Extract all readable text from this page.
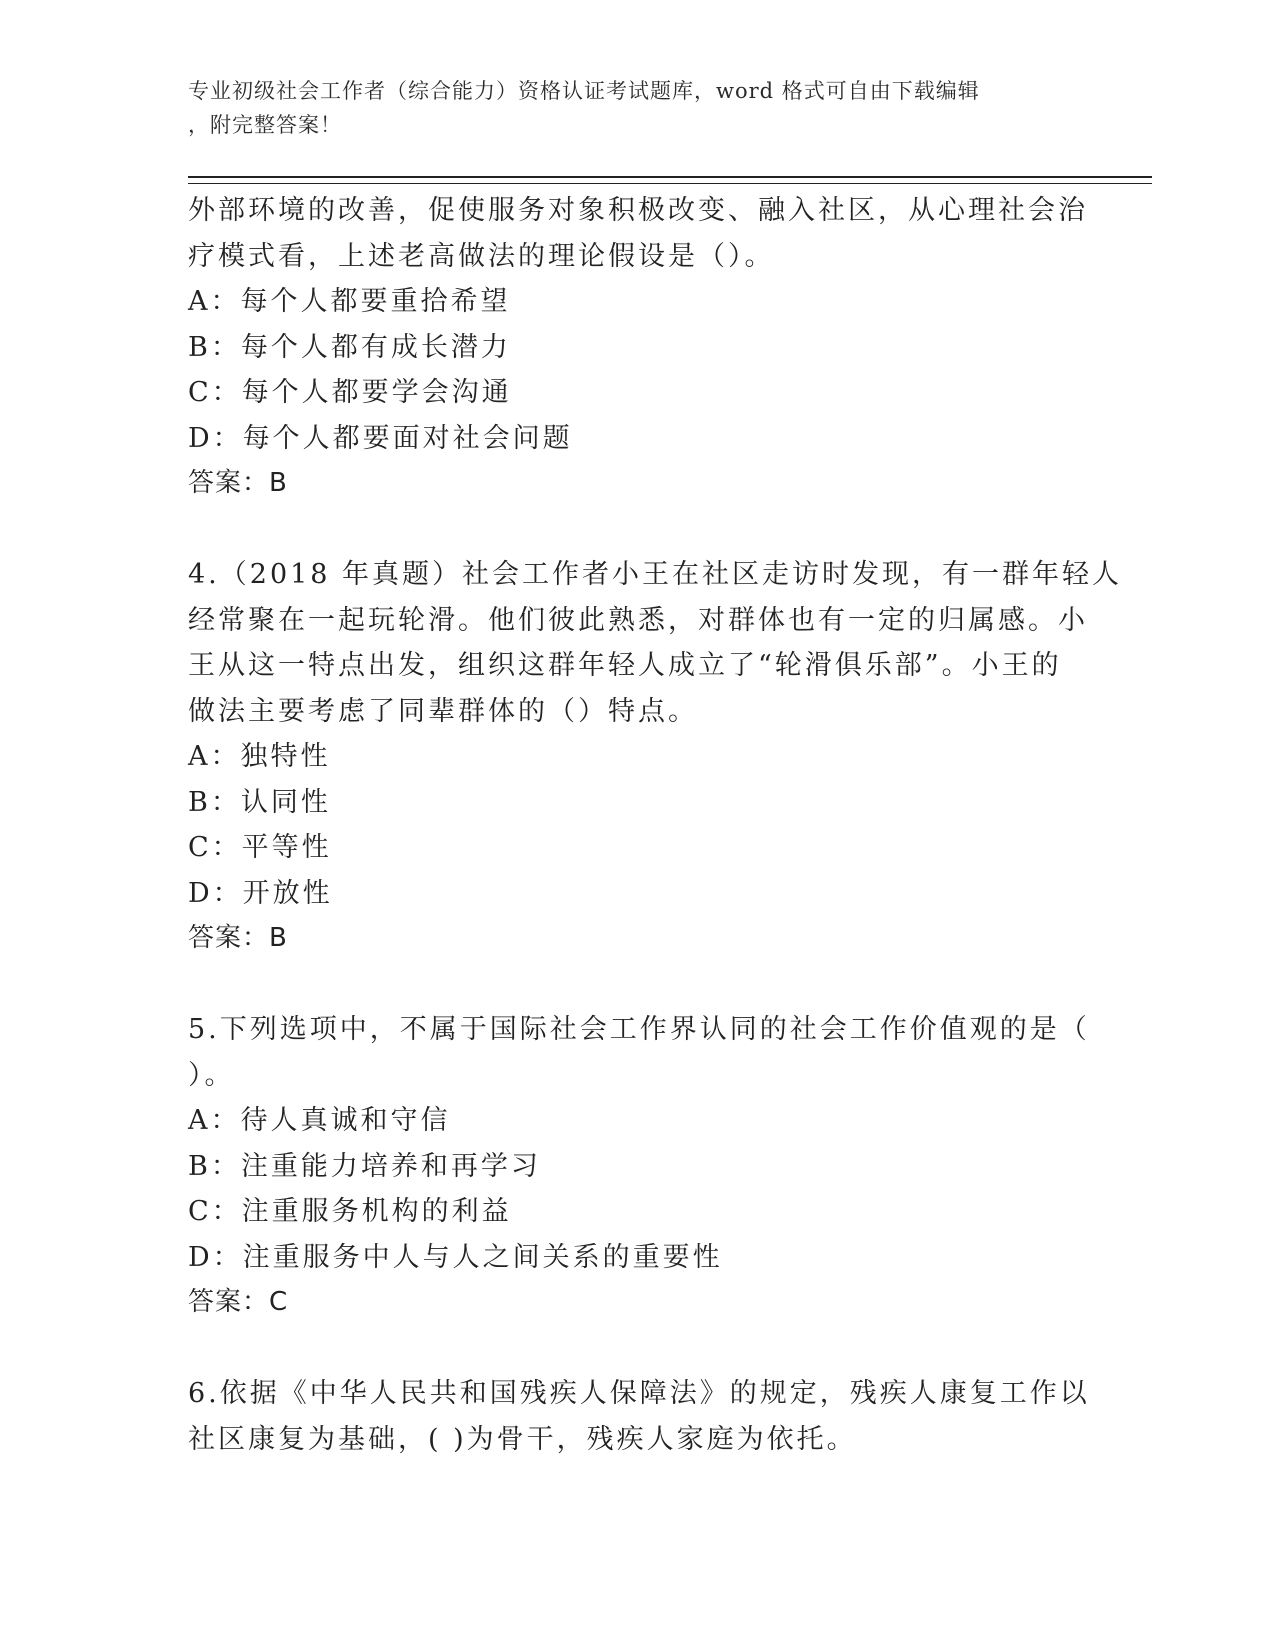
专业初级社会工作者（综合能力）资格认证考试题库，word 格式可自由下载编辑
，附完整答案！
外部环境的改善，促使服务对象积极改变、融入社区，从心理社会治
疗模式看，上述老高做法的理论假设是（）。
A：每个人都要重拾希望
B：每个人都有成长潜力
C：每个人都要学会沟通
D：每个人都要面对社会问题
答案：B
4.（2018 年真题）社会工作者小王在社区走访时发现，有一群年轻人
经常聚在一起玩轮滑。他们彼此熟悉，对群体也有一定的归属感。小
王从这一特点出发，组织这群年轻人成立了“轮滑俱乐部”。小王的
做法主要考虑了同辈群体的（）特点。
A：独特性
B：认同性
C：平等性
D：开放性
答案：B
5.下列选项中，不属于国际社会工作界认同的社会工作价值观的是（
）。
A：待人真诚和守信
B：注重能力培养和再学习
C：注重服务机构的利益
D：注重服务中人与人之间关系的重要性
答案：C
6.依据《中华人民共和国残疾人保障法》的规定，残疾人康复工作以
社区康复为基础，( )为骨干，残疾人家庭为依托。
